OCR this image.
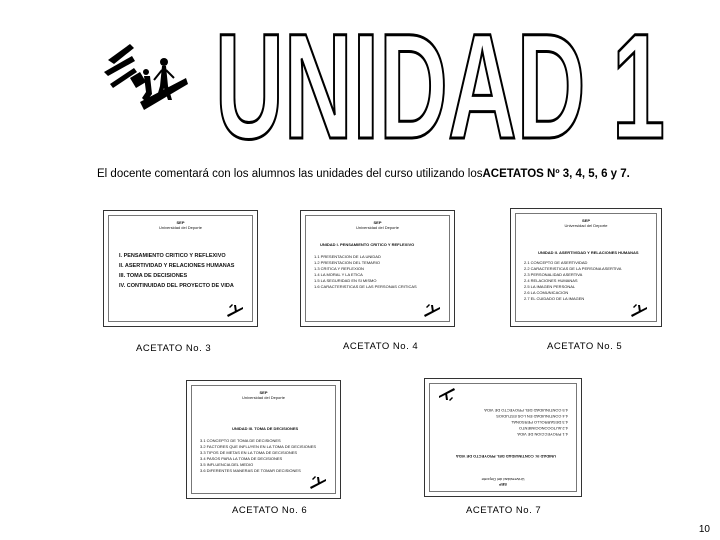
UNIDAD 1
El docente comentará con los alumnos las unidades del curso utilizando losACETATOS Nº 3, 4, 5, 6 y 7.
SEP
Universidad del Deporte
I. PENSAMIENTO CRITICO Y REFLEXIVO
II. ASERTIVIDAD Y RELACIONES HUMANAS
III. TOMA DE DECISIONES
IV. CONTINUIDAD DEL PROYECTO DE VIDA
ACETATO No. 3
SEP
Universidad del Deporte
UNIDAD I. PENSAMIENTO CRITICO Y REFLEXIVO
1.1 PRESENTACION DE LA UNIDAD
1.2 PRESENTACION DEL TEMARIO
1.3 CRITICA Y REFLEXION
1.4 LA MORAL Y LA ETICA
1.5 LA SEGURIDAD EN SI MISMO
1.6 CARACTERISTICAS DE LAS PERSONAS CRITICAS
ACETATO No. 4
SEP
Universidad del Deporte
UNIDAD II. ASERTIVIDAD Y RELACIONES HUMANAS
2.1 CONCEPTO DE ASERTIVIDAD
2.2 CARACTERISTICAS DE LA PERSONA ASERTIVA
2.3 PERSONALIDAD ASERTIVA
2.4 RELACIONES HUMANAS
2.5 LA IMAGEN PERSONAL
2.6 LA COMUNICACION
2.7 EL CUIDADO DE LA IMAGEN
ACETATO No. 5
SEP
Universidad del Deporte
UNIDAD III. TOMA DE DECISIONES
3.1 CONCEPTO DE TOMA DE DECISIONES
3.2 FACTORES QUE INFLUYEN EN LA TOMA DE DECISIONES
3.3 TIPOS DE METAS EN LA TOMA DE DECISIONES
3.4 PASOS PARA LA TOMA DE DECISIONES
3.5 INFLUENCIA DEL MEDIO
3.6 DIFERENTES MANERAS DE TOMAR DECISIONES
ACETATO No. 6
SEP
Universidad del Deporte
UNIDAD IV. CONTINUIDAD DEL PROYECTO DE VIDA
4.1 PROYECCION DE VIDA
4.2 AUTOCONOCIMIENTO
4.3 DESARROLLO PERSONAL
4.4 CONTINUIDAD EN LOS ESTUDIOS
4.5 CONTINUIDAD DEL PROYECTO DE VIDA
ACETATO No. 7
10
